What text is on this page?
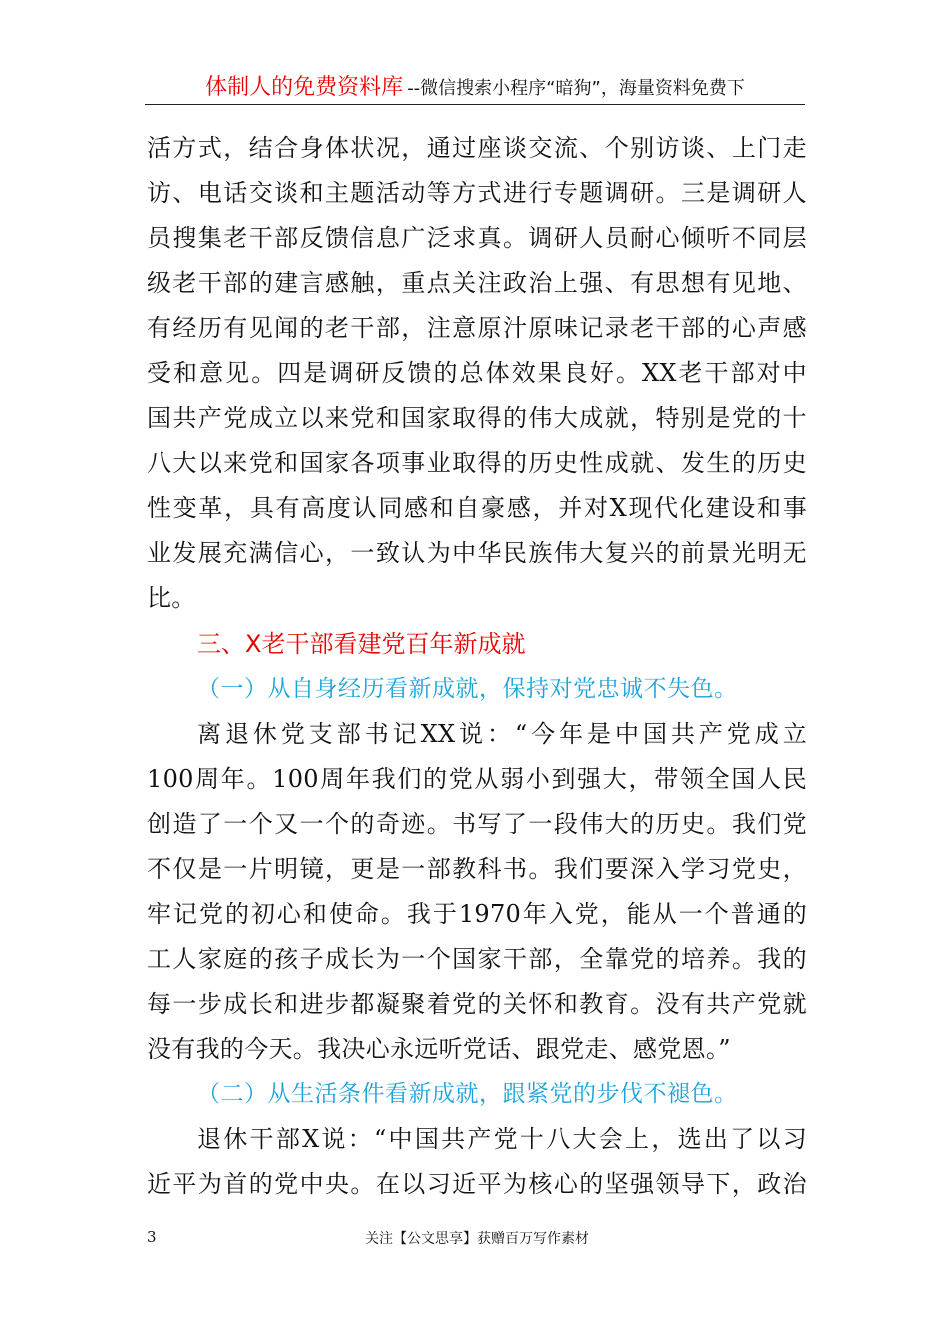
体制人的免费资料库 --微信搜索小程序“暗狗”，海量资料免费下
活方式，结合身体状况，通过座谈交流、个别访谈、上门走
访、电话交谈和主题活动等方式进行专题调研。三是调研人
员搜集老干部反馈信息广泛求真。调研人员耐心倾听不同层
级老干部的建言感触，重点关注政治上强、有思想有见地、
有经历有见闻的老干部，注意原汁原味记录老干部的心声感
受和意见。四是调研反馈的总体效果良好。XX老干部对中
国共产党成立以来党和国家取得的伟大成就，特别是党的十
八大以来党和国家各项事业取得的历史性成就、发生的历史
性变革，具有高度认同感和自豪感，并对X现代化建设和事
业发展充满信心，一致认为中华民族伟大复兴的前景光明无
比。
三、X老干部看建党百年新成就
（一）从自身经历看新成就，保持对党忠诚不失色。
离退休党支部书记XX说：“今年是中国共产党成立
100周年。100周年我们的党从弱小到强大，带领全国人民
创造了一个又一个的奇迹。书写了一段伟大的历史。我们党
不仅是一片明镜，更是一部教科书。我们要深入学习党史，
牢记党的初心和使命。我于1970年入党，能从一个普通的
工人家庭的孩子成长为一个国家干部，全靠党的培养。我的
每一步成长和进步都凝聚着党的关怀和教育。没有共产党就
没有我的今天。我决心永远听党话、跟党走、感党恩。”
（二）从生活条件看新成就，跟紧党的步伐不褪色。
退休干部X说：“中国共产党十八大会上，选出了以习
近平为首的党中央。在以习近平为核心的坚强领导下，政治
3	关注【公文思享】获赠百万写作素材
